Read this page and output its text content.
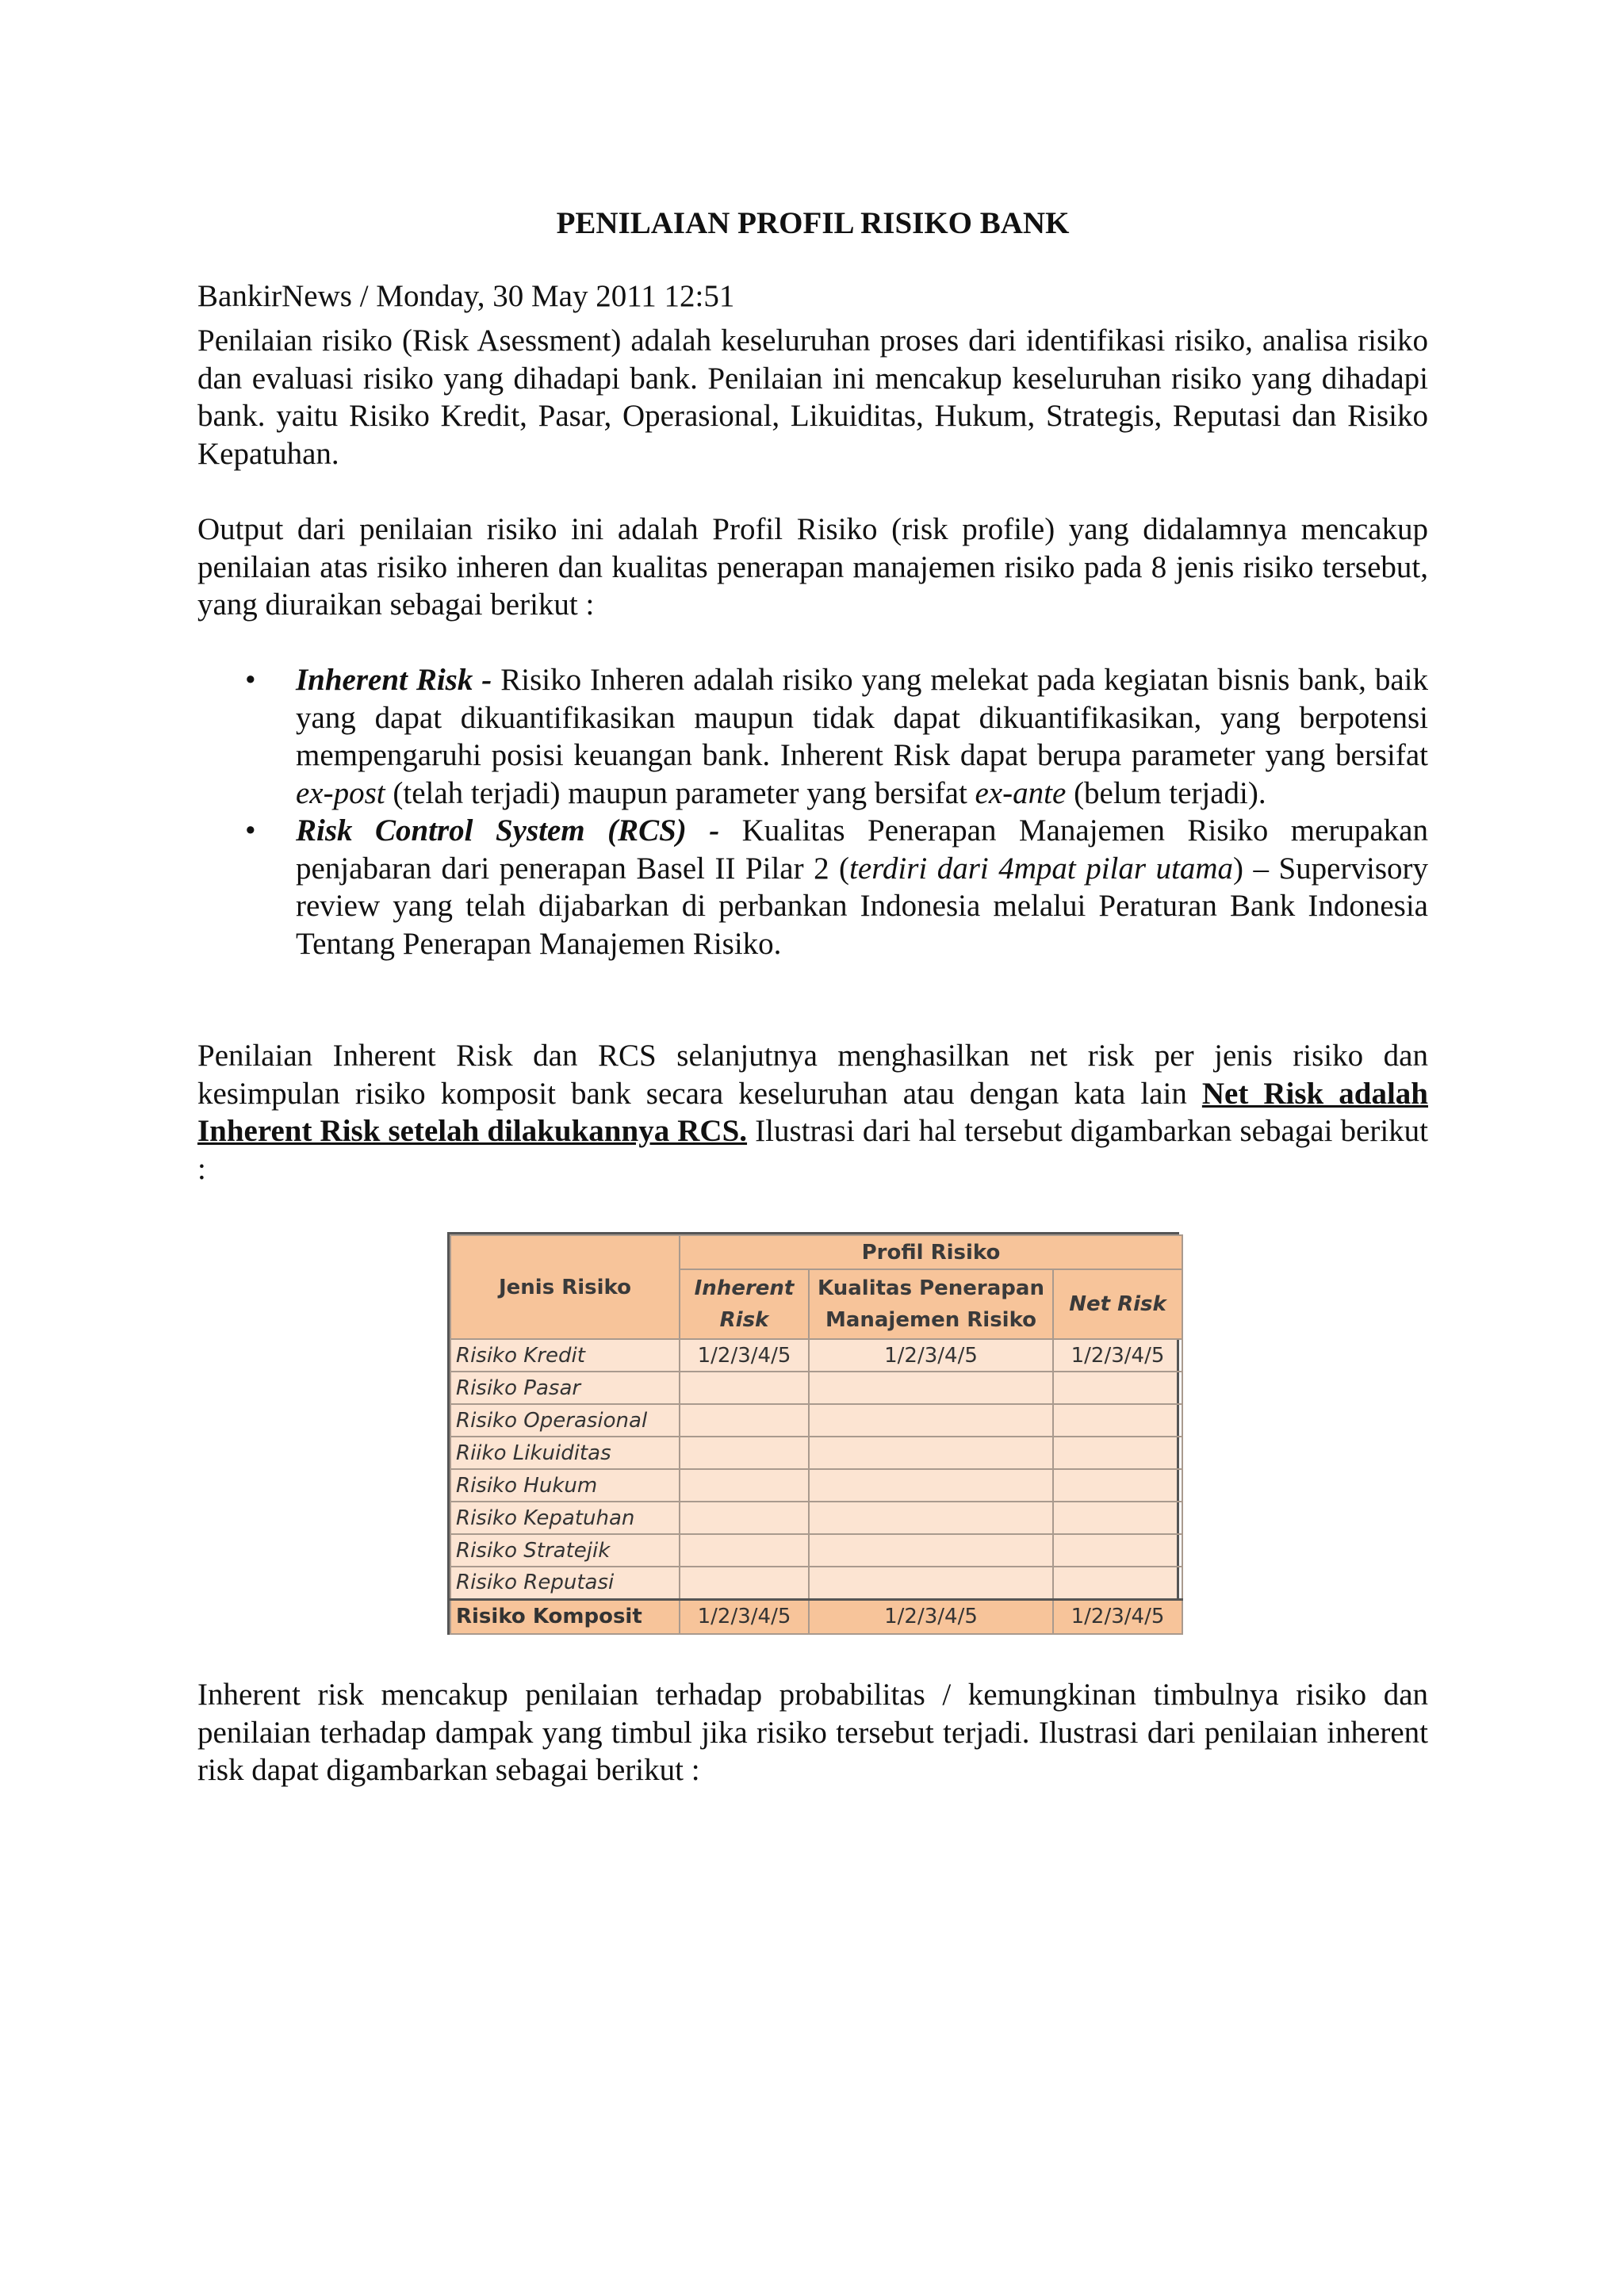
PENILAIAN PROFIL RISIKO BANK
BankirNews / Monday, 30 May 2011 12:51

Penilaian risiko (Risk Asessment) adalah keseluruhan proses dari identifikasi risiko, analisa risiko dan evaluasi risiko yang dihadapi bank. Penilaian ini mencakup keseluruhan risiko yang dihadapi bank. yaitu Risiko Kredit, Pasar, Operasional, Likuiditas, Hukum, Strategis, Reputasi dan Risiko Kepatuhan.

Output dari penilaian risiko ini adalah Profil Risiko (risk profile) yang didalamnya mencakup penilaian atas risiko inheren dan kualitas penerapan manajemen risiko pada 8 jenis risiko tersebut, yang diuraikan sebagai berikut :

• Inherent Risk - Risiko Inheren adalah risiko yang melekat pada kegiatan bisnis bank, baik yang dapat dikuantifikasikan maupun tidak dapat dikuantifikasikan, yang berpotensi mempengaruhi posisi keuangan bank. Inherent Risk dapat berupa parameter yang bersifat ex-post (telah terjadi) maupun parameter yang bersifat ex-ante (belum terjadi).
• Risk Control System (RCS) - Kualitas Penerapan Manajemen Risiko merupakan penjabaran dari penerapan Basel II Pilar 2 (terdiri dari 4mpat pilar utama) – Supervisory review yang telah dijabarkan di perbankan Indonesia melalui Peraturan Bank Indonesia Tentang Penerapan Manajemen Risiko.

Penilaian Inherent Risk dan RCS selanjutnya menghasilkan net risk per jenis risiko dan kesimpulan risiko komposit bank secara keseluruhan atau dengan kata lain Net Risk adalah Inherent Risk setelah dilakukannya RCS. Ilustrasi dari hal tersebut digambarkan sebagai berikut :

Inherent risk mencakup penilaian terhadap probabilitas / kemungkinan timbulnya risiko dan penilaian terhadap dampak yang timbul jika risiko tersebut terjadi. Ilustrasi dari penilaian inherent risk dapat digambarkan sebagai berikut :

Jenis Risiko	Profil Risiko		
	Inherent Risk	Kualitas Penerapan Manajemen Risiko	Net Risk
Risiko Kredit	1/2/3/4/5	1/2/3/4/5	1/2/3/4/5
Risiko Pasar			
Risiko Operasional			
Riiko Likuiditas			
Risiko Hukum			
Risiko Kepatuhan			
Risiko Stratejik			
Risiko Reputasi			
Risiko Komposit	1/2/3/4/5	1/2/3/4/5	1/2/3/4/5
